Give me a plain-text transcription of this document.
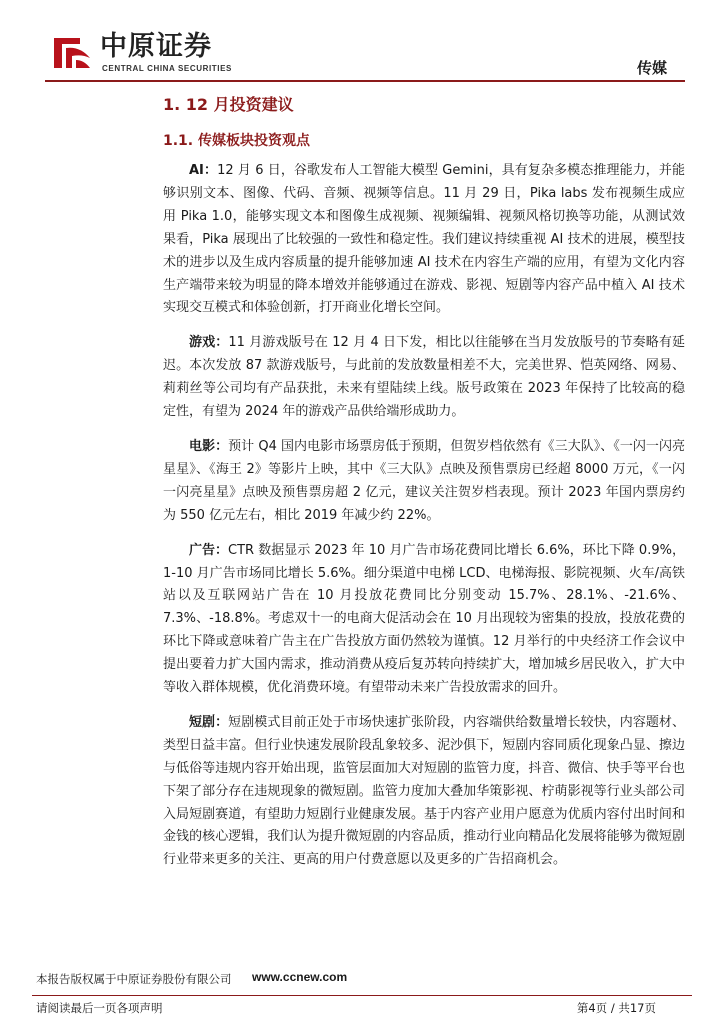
中原证券
CENTRAL CHINA SECURITIES	传媒
1. 12 月投资建议
1.1. 传媒板块投资观点

AI：12 月 6 日，谷歌发布人工智能大模型 Gemini，具有复杂多模态推理能力，并能够识别文本、图像、代码、音频、视频等信息。11 月 29 日，Pika labs 发布视频生成应用 Pika 1.0，能够实现文本和图像生成视频、视频编辑、视频风格切换等功能，从测试效果看，Pika 展现出了比较强的一致性和稳定性。我们建议持续重视 AI 技术的进展，模型技术的进步以及生成内容质量的提升能够加速 AI 技术在内容生产端的应用，有望为文化内容生产端带来较为明显的降本增效并能够通过在游戏、影视、短剧等内容产品中植入 AI 技术实现交互模式和体验创新，打开商业化增长空间。

游戏：11 月游戏版号在 12 月 4 日下发，相比以往能够在当月发放版号的节奏略有延迟。本次发放 87 款游戏版号，与此前的发放数量相差不大，完美世界、恺英网络、网易、莉莉丝等公司均有产品获批，未来有望陆续上线。版号政策在 2023 年保持了比较高的稳定性，有望为 2024 年的游戏产品供给端形成助力。

电影：预计 Q4 国内电影市场票房低于预期，但贺岁档依然有《三大队》、《一闪一闪亮星星》、《海王 2》等影片上映，其中《三大队》点映及预售票房已经超 8000 万元，《一闪一闪亮星星》点映及预售票房超 2 亿元，建议关注贺岁档表现。预计 2023 年国内票房约为 550 亿元左右，相比 2019 年减少约 22%。

广告：CTR 数据显示 2023 年 10 月广告市场花费同比增长 6.6%，环比下降 0.9%，1-10 月广告市场同比增长 5.6%。细分渠道中电梯 LCD、电梯海报、影院视频、火车/高铁站以及互联网站广告在 10 月投放花费同比分别变动 15.7%、28.1%、-21.6%、7.3%、-18.8%。考虑双十一的电商大促活动会在 10 月出现较为密集的投放，投放花费的环比下降或意味着广告主在广告投放方面仍然较为谨慎。12 月举行的中央经济工作会议中提出要着力扩大国内需求，推动消费从疫后复苏转向持续扩大，增加城乡居民收入，扩大中等收入群体规模，优化消费环境。有望带动未来广告投放需求的回升。

短剧：短剧模式目前正处于市场快速扩张阶段，内容端供给数量增长较快，内容题材、类型日益丰富。但行业快速发展阶段乱象较多、泥沙俱下，短剧内容同质化现象凸显、擦边与低俗等违规内容开始出现，监管层面加大对短剧的监管力度，抖音、微信、快手等平台也下架了部分存在违规现象的微短剧。监管力度加大叠加华策影视、柠萌影视等行业头部公司入局短剧赛道，有望助力短剧行业健康发展。基于内容产业用户愿意为优质内容付出时间和金钱的核心逻辑，我们认为提升微短剧的内容品质，推动行业向精品化发展将能够为微短剧行业带来更多的关注、更高的用户付费意愿以及更多的广告招商机会。

本报告版权属于中原证券股份有限公司 www.ccnew.com
请阅读最后一页各项声明	第4页 / 共17页
